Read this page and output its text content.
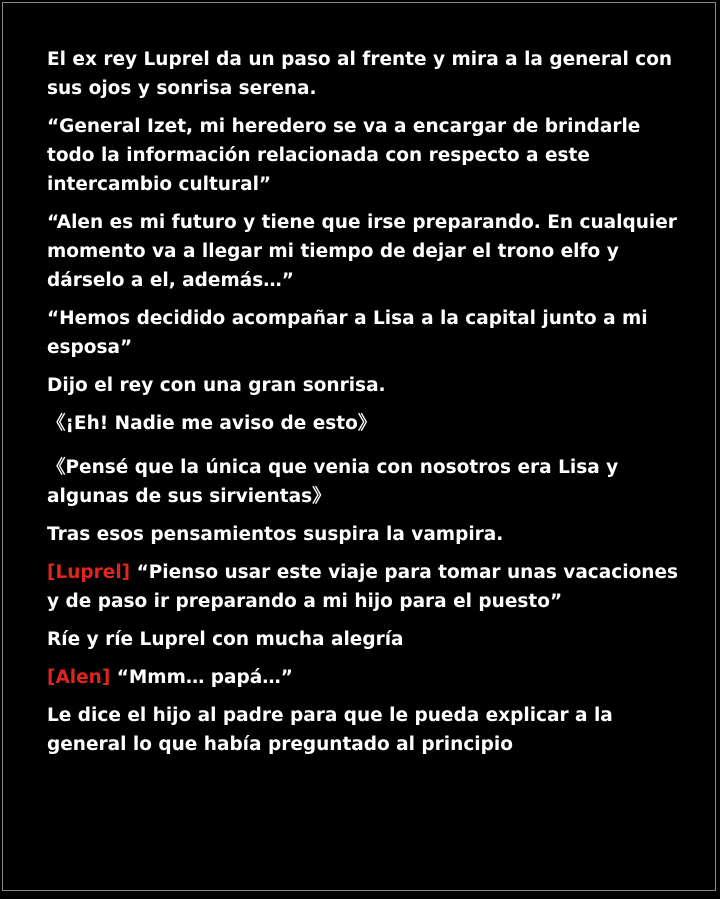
El ex rey Luprel da un paso al frente y mira a la general con sus ojos y sonrisa serena.

“General Izet, mi heredero se va a encargar de brindarle todo la información relacionada con respecto a este intercambio cultural”

“Alen es mi futuro y tiene que irse preparando. En cualquier momento va a llegar mi tiempo de dejar el trono elfo y dárselo a el, además…”

“Hemos decidido acompañar a Lisa a la capital junto a mi esposa”

Dijo el rey con una gran sonrisa.

《¡Eh! Nadie me aviso de esto》

《Pensé que la única que venia con nosotros era Lisa y algunas de sus sirvientas》

Tras esos pensamientos suspira la vampira.

[Luprel] “Pienso usar este viaje para tomar unas vacaciones y de paso ir preparando a mi hijo para el puesto”

Ríe y ríe Luprel con mucha alegría

[Alen] “Mmm… papá…”

Le dice el hijo al padre para que le pueda explicar a la general lo que había preguntado al principio
